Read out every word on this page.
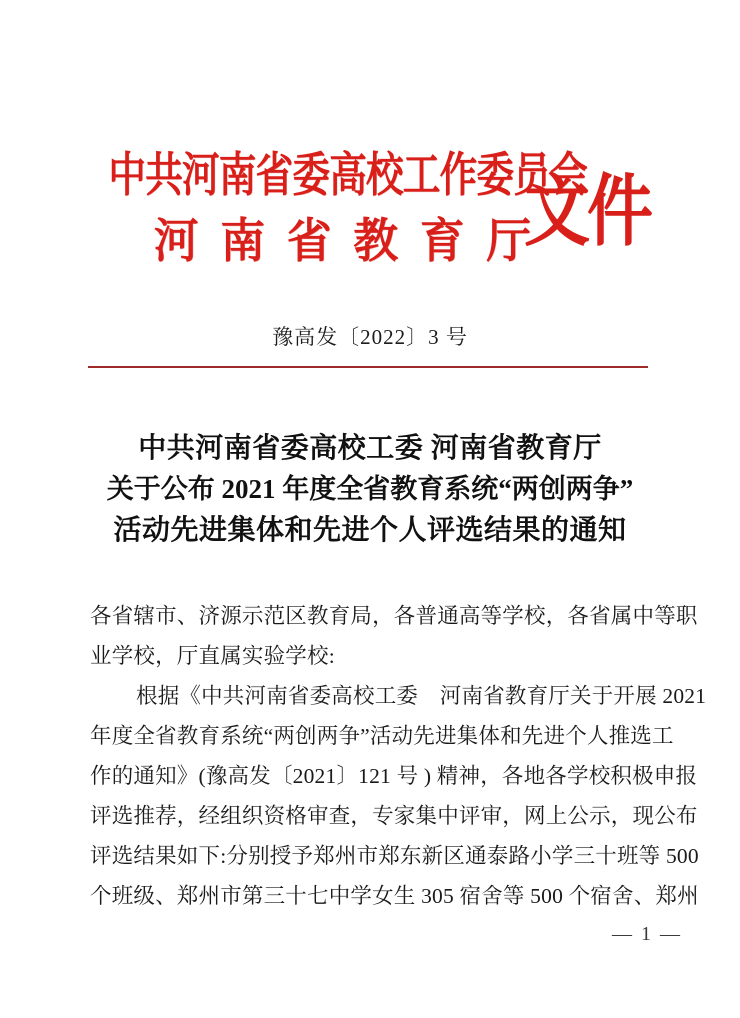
中共河南省委高校工作委员会
河南省教育厅
文件
豫高发〔2022〕3 号
中共河南省委高校工委 河南省教育厅
关于公布 2021 年度全省教育系统“两创两争”
活动先进集体和先进个人评选结果的通知
各省辖市、济源示范区教育局，各普通高等学校，各省属中等职
业学校，厅直属实验学校:
根据《中共河南省委高校工委　河南省教育厅关于开展 2021
年度全省教育系统“两创两争”活动先进集体和先进个人推选工
作的通知》(豫高发〔2021〕121 号 ) 精神，各地各学校积极申报
评选推荐，经组织资格审查，专家集中评审，网上公示，现公布
评选结果如下:分别授予郑州市郑东新区通泰路小学三十班等 500
个班级、郑州市第三十七中学女生 305 宿舍等 500 个宿舍、郑州
— 1 —
